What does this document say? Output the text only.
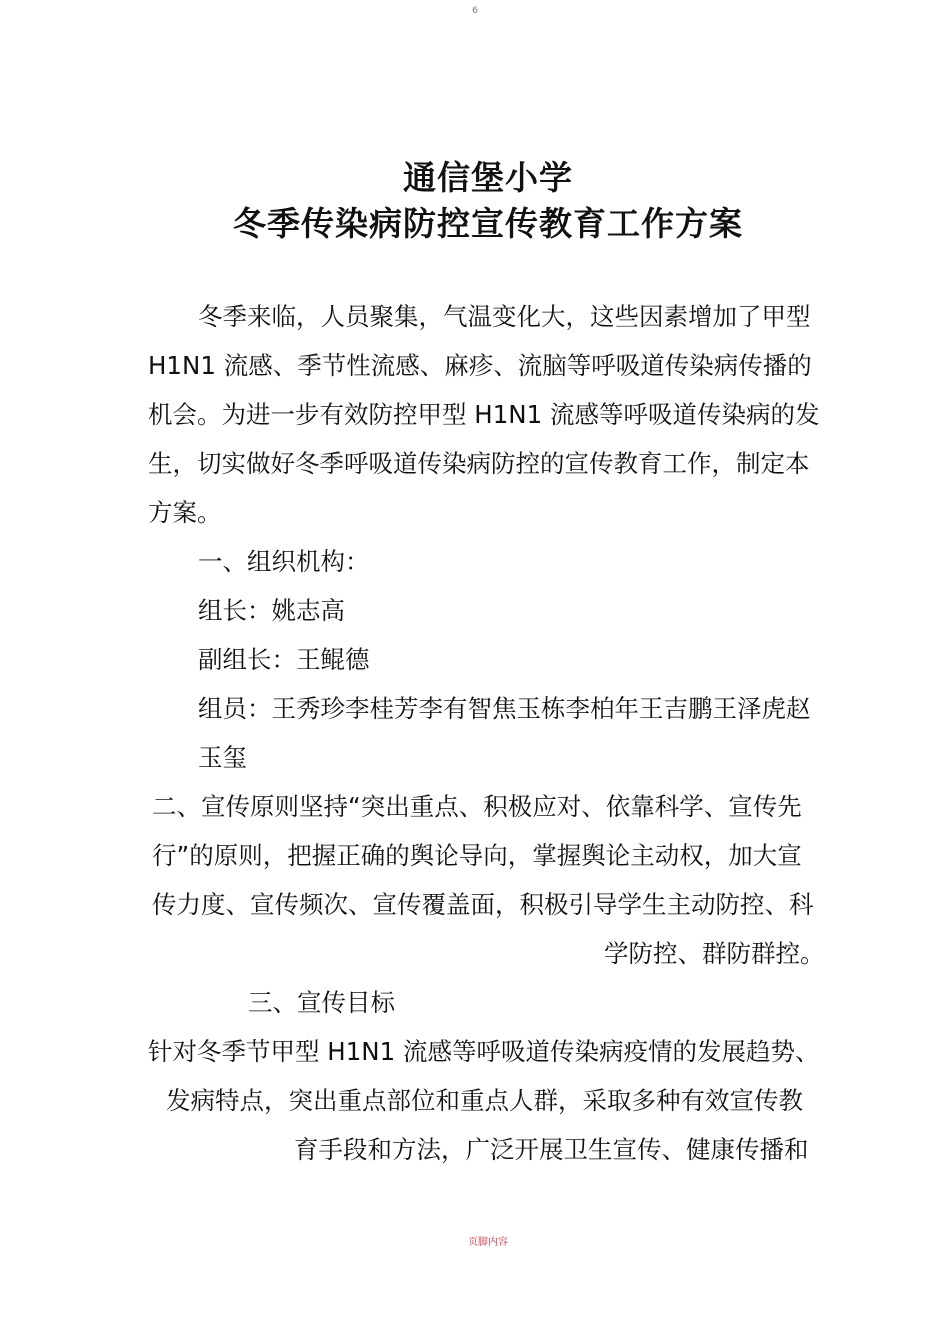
6
通信堡小学
冬季传染病防控宣传教育工作方案
冬季来临，人员聚集，气温变化大，这些因素增加了甲型
H1N1 流感、季节性流感、麻疹、流脑等呼吸道传染病传播的
机会。为进一步有效防控甲型 H1N1 流感等呼吸道传染病的发
生，切实做好冬季呼吸道传染病防控的宣传教育工作，制定本
方案。
一、组织机构：
组长：姚志高
副组长：王鲲德
组员：王秀珍李桂芳李有智焦玉栋李柏年王吉鹏王泽虎赵
玉玺
二、宣传原则坚持“突出重点、积极应对、依靠科学、宣传先
行”的原则，把握正确的舆论导向，掌握舆论主动权，加大宣
传力度、宣传频次、宣传覆盖面，积极引导学生主动防控、科
学防控、群防群控。
三、宣传目标
针对冬季节甲型 H1N1 流感等呼吸道传染病疫情的发展趋势、
发病特点，突出重点部位和重点人群，采取多种有效宣传教
育手段和方法，广泛开展卫生宣传、健康传播和
页脚内容
